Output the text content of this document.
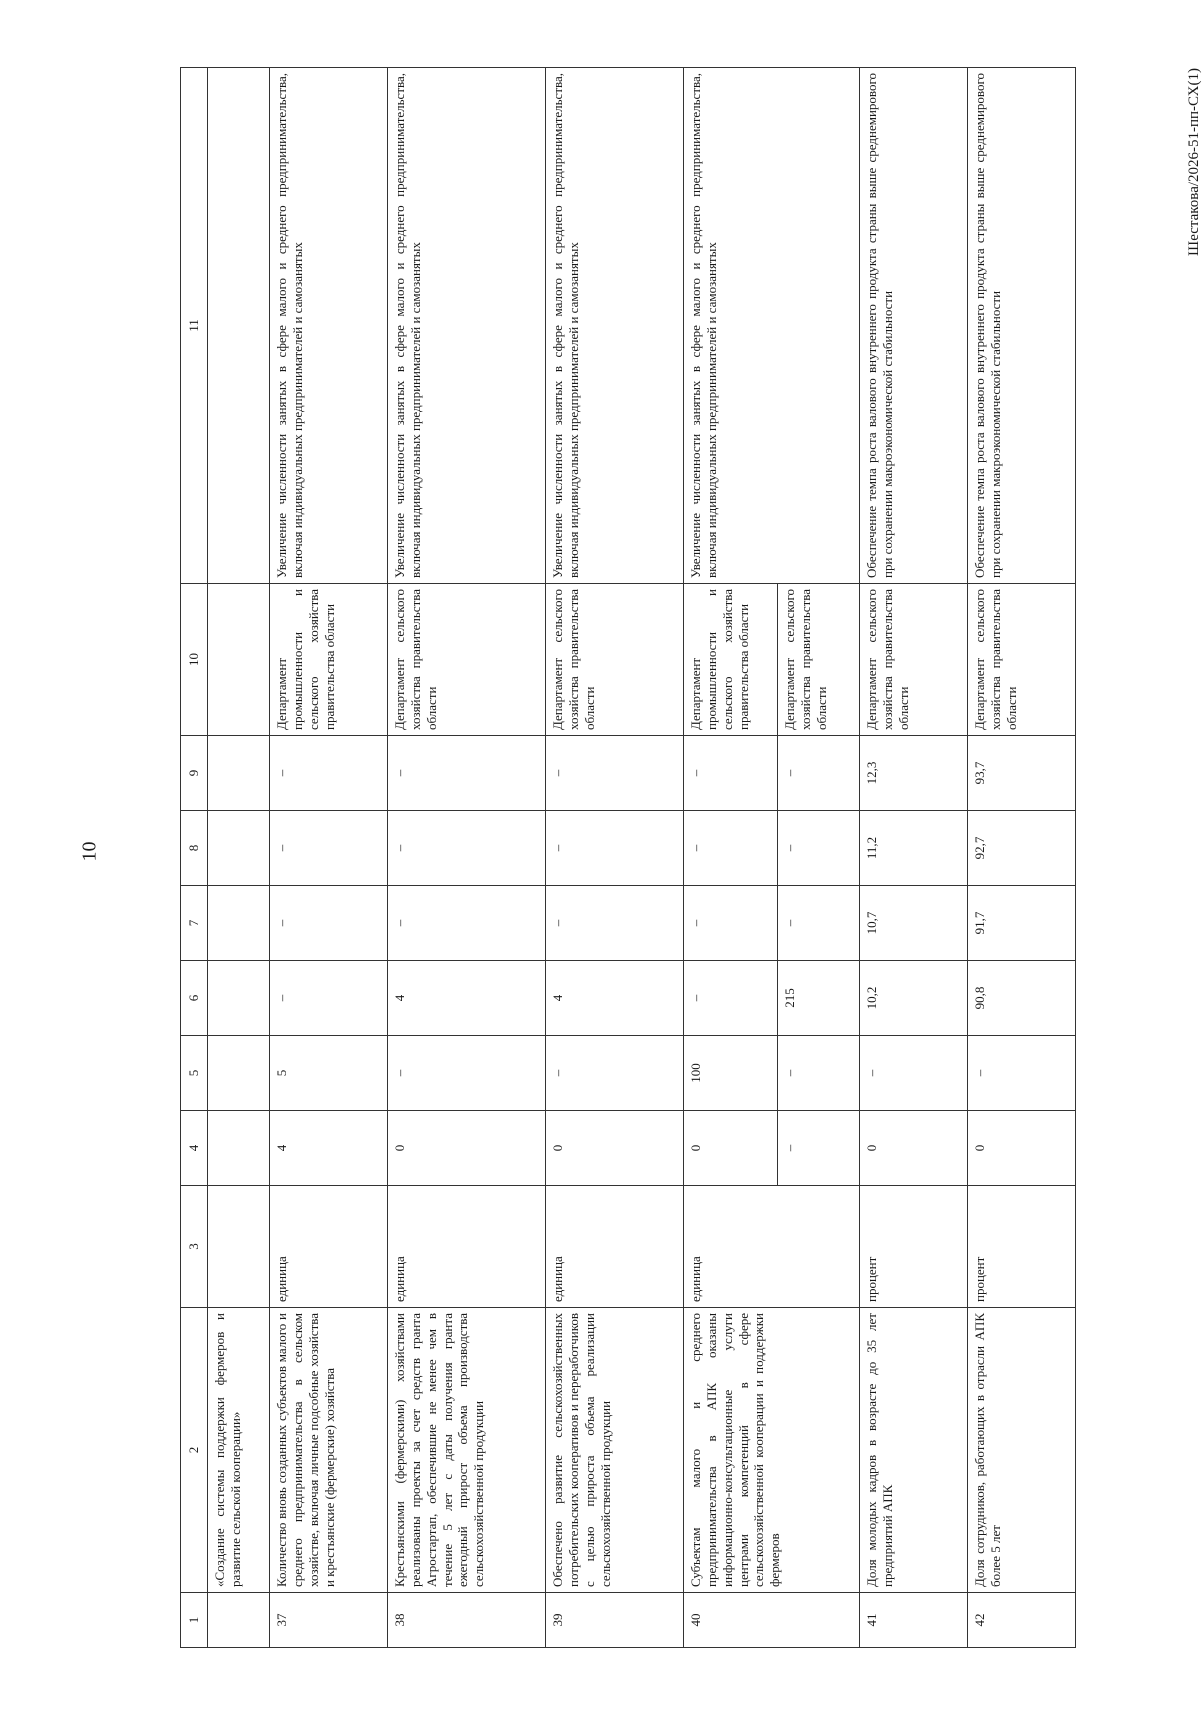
10
1	2	3	4	5	6	7	8	9	10	11
	«Создание системы поддержки фермеров и развитие сельской кооперации»									
37	Количество вновь созданных субъектов малого и среднего предпринимательства в сельском хозяйстве, включая личные подсобные хозяйства и крестьянские (фермерские) хозяйства	единица	4	5	–	–	–	–	Департамент промышленности и сельского хозяйства правительства области	Увеличение численности занятых в сфере малого и среднего предпринимательства, включая индивидуальных предпринимателей и самозанятых
38	Крестьянскими (фермерскими) хозяйствами реализованы проекты за счет средств гранта Агростартап, обеспечившие не менее чем в течение 5 лет с даты получения гранта ежегодный прирост объема производства сельскохозяйственной продукции	единица	0	–	4	–	–	–	Департамент сельского хозяйства правительства области	Увеличение численности занятых в сфере малого и среднего предпринимательства, включая индивидуальных предпринимателей и самозанятых
39	Обеспечено развитие сельскохозяйственных потребительских кооперативов и переработчиков с целью прироста объема реализации сельскохозяйственной продукции	единица	0	–	4	–	–	–	Департамент сельского хозяйства правительства области	Увеличение численности занятых в сфере малого и среднего предпринимательства, включая индивидуальных предпринимателей и самозанятых
40	Субъектам малого и среднего предпринимательства в АПК оказаны информационно-консультационные услуги центрами компетенций в сфере сельскохозяйственной кооперации и поддержки фермеров	единица	0	100	–	–	–	–	Департамент промышленности и сельского хозяйства правительства области	Увеличение численности занятых в сфере малого и среднего предпринимательства, включая индивидуальных предпринимателей и самозанятых
			–	–	215	–	–	–	Департамент сельского хозяйства правительства области	
41	Доля молодых кадров в возрасте до 35 лет предприятий АПК	процент	0	–	10,2	10,7	11,2	12,3	Департамент сельского хозяйства правительства области	Обеспечение темпа роста валового внутреннего продукта страны выше среднемирового при сохранении макроэкономической стабильности
42	Доля сотрудников, работающих в отрасли АПК более 5 лет	процент	0	–	90,8	91,7	92,7	93,7	Департамент сельского хозяйства правительства области	Обеспечение темпа роста валового внутреннего продукта страны выше среднемирового при сохранении макроэкономической стабильности
Шестакова/2026-51-пп-СХ(1)
